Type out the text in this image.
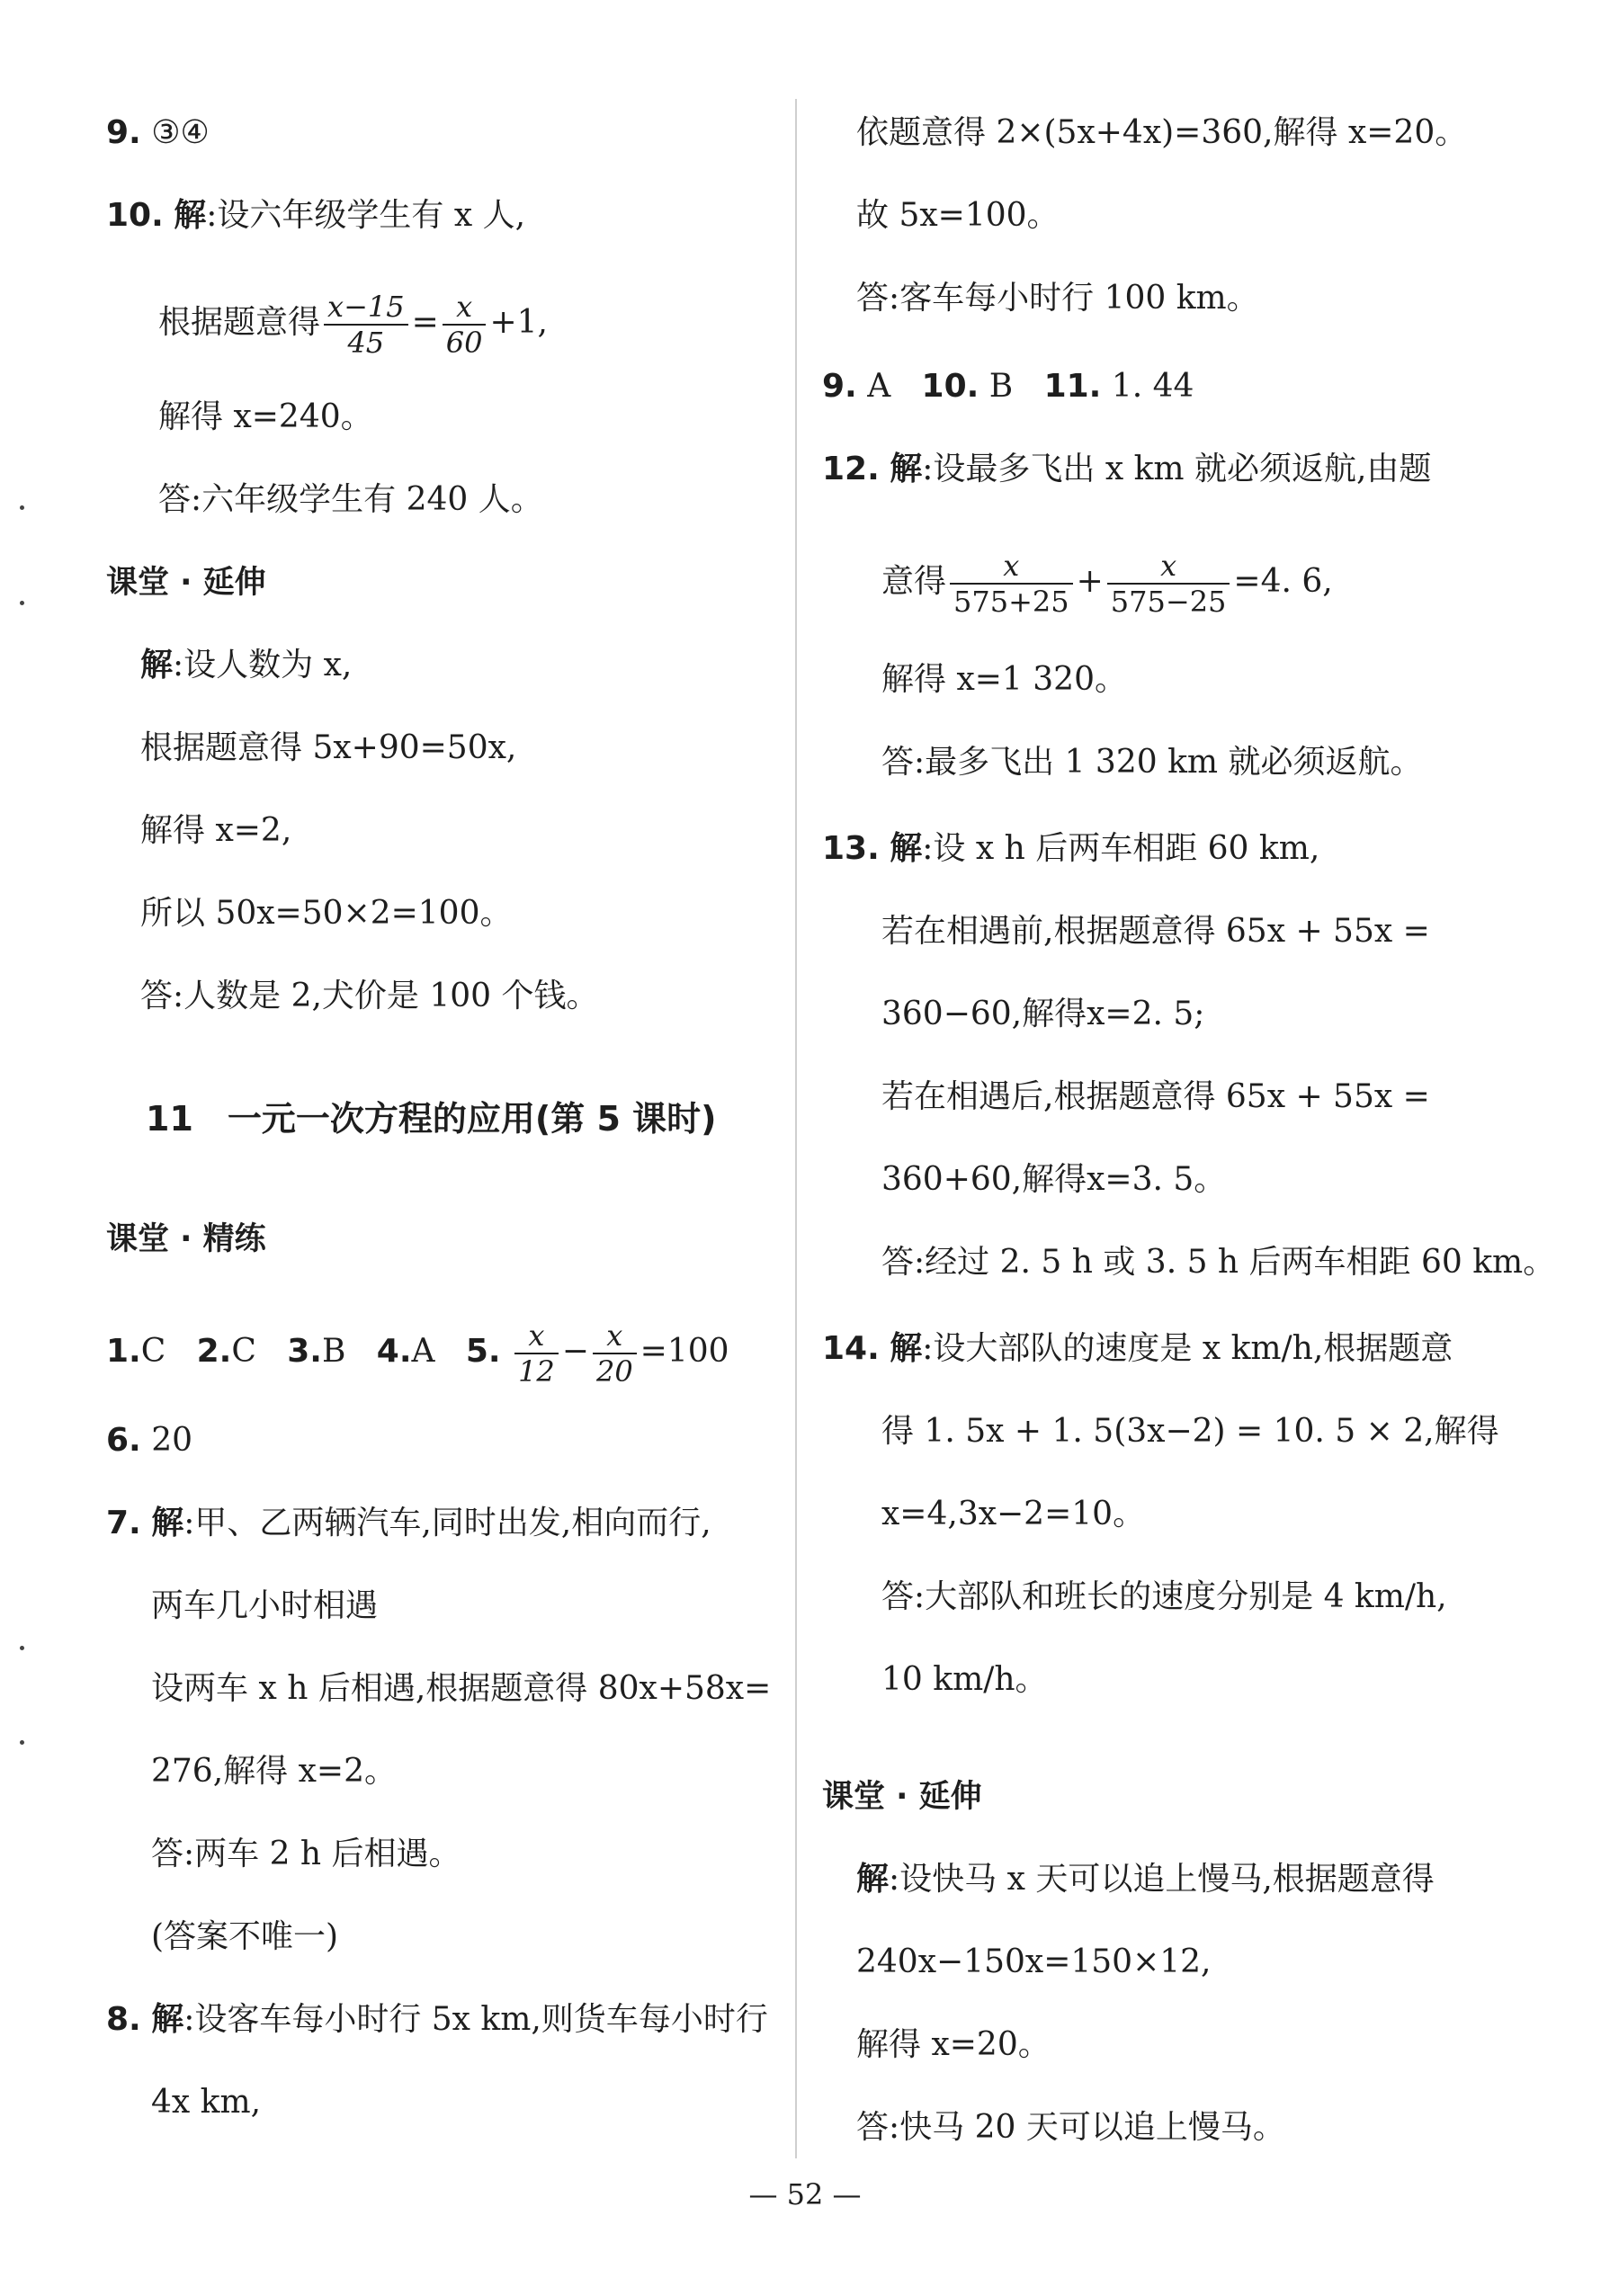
9. ③④
10. 解:设六年级学生有 x 人,
根据题意得 $\frac{x-15}{45} = \frac{x}{60} +1$,
解得 x=240。
答:六年级学生有 240 人。
课堂 · 延伸
解:设人数为 x,
根据题意得 5x+90=50x,
解得 x=2,
所以 50x=50×2=100。
答:人数是 2,犬价是 100 个钱。
11　一元一次方程的应用(第 5 课时)
课堂 · 精练
1.C 2.C 3.B 4.A 5. $\frac{x}{12} - \frac{x}{20} =100$
6. 20
7. 解:甲、乙两辆汽车,同时出发,相向而行,
两车几小时相遇
设两车 x h 后相遇,根据题意得 80x+58x=
276,解得 x=2。
答:两车 2 h 后相遇。
(答案不唯一)
8. 解:设客车每小时行 5x km,则货车每小时行
4x km,
依题意得 2×(5x+4x)=360,解得 x=20。
故 5x=100。
答:客车每小时行 100 km。
9. A 10. B 11. 1. 44
12. 解:设最多飞出 x km 就必须返航,由题
意得 $\frac{x}{575+25} + \frac{x}{575-25} =4$. 6,
解得 x=1 320。
答:最多飞出 1 320 km 就必须返航。
13. 解:设 x h 后两车相距 60 km,
若在相遇前,根据题意得 65x + 55x =
360−60,解得x=2. 5;
若在相遇后,根据题意得 65x + 55x =
360+60,解得x=3. 5。
答:经过 2. 5 h 或 3. 5 h 后两车相距 60 km。
14. 解:设大部队的速度是 x km/h,根据题意
得 1. 5x + 1. 5(3x−2) = 10. 5 × 2,解得
x=4,3x−2=10。
答:大部队和班长的速度分别是 4 km/h,
10 km/h。
课堂 · 延伸
解:设快马 x 天可以追上慢马,根据题意得
240x−150x=150×12,
解得 x=20。
答:快马 20 天可以追上慢马。
— 52 —
